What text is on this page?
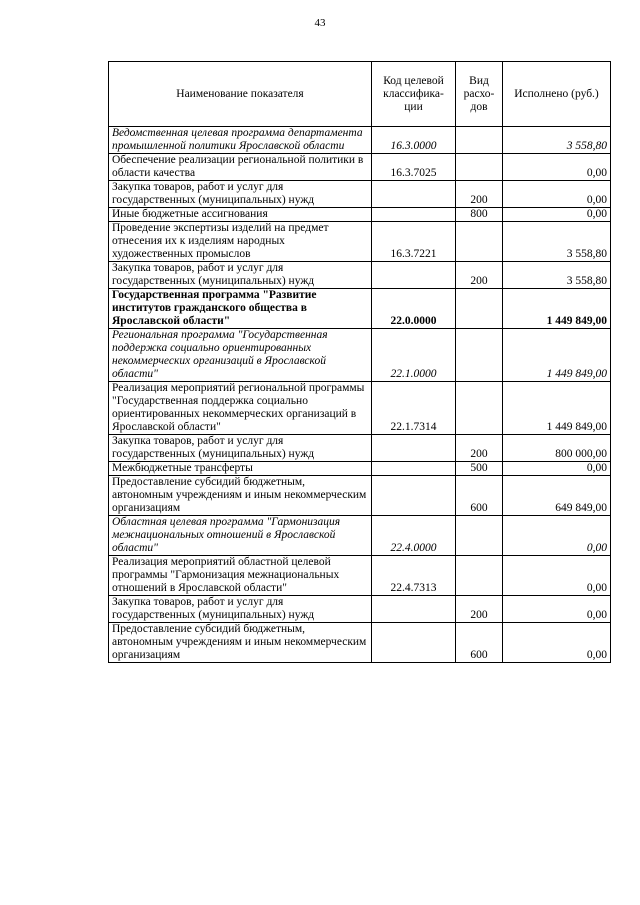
43
Наименование показателя	Код целевой классифика- ции	Вид расхо- дов	Исполнено (руб.)
Ведомственная целевая программа департамента промышленной политики Ярославской области	16.3.0000		3 558,80
Обеспечение реализации региональной политики в области качества	16.3.7025		0,00
Закупка товаров, работ и услуг для государственных (муниципальных) нужд		200	0,00
Иные бюджетные ассигнования		800	0,00
Проведение экспертизы изделий на предмет отнесения их к изделиям народных художественных промыслов	16.3.7221		3 558,80
Закупка товаров, работ и услуг для государственных (муниципальных) нужд		200	3 558,80
Государственная программа "Развитие институтов гражданского общества в Ярославской области"	22.0.0000		1 449 849,00
Региональная программа "Государственная поддержка социально ориентированных некоммерческих организаций в Ярославской области"	22.1.0000		1 449 849,00
Реализация мероприятий региональной программы "Государственная поддержка социально ориентированных некоммерческих организаций в Ярославской области"	22.1.7314		1 449 849,00
Закупка товаров, работ и услуг для государственных (муниципальных) нужд		200	800 000,00
Межбюджетные трансферты		500	0,00
Предоставление субсидий бюджетным, автономным учреждениям и иным некоммерческим организациям		600	649 849,00
Областная целевая программа "Гармонизация межнациональных отношений в Ярославской области"	22.4.0000		0,00
Реализация мероприятий областной целевой программы "Гармонизация межнациональных отношений в Ярославской области"	22.4.7313		0,00
Закупка товаров, работ и услуг для государственных (муниципальных) нужд		200	0,00
Предоставление субсидий бюджетным, автономным учреждениям и иным некоммерческим организациям		600	0,00
